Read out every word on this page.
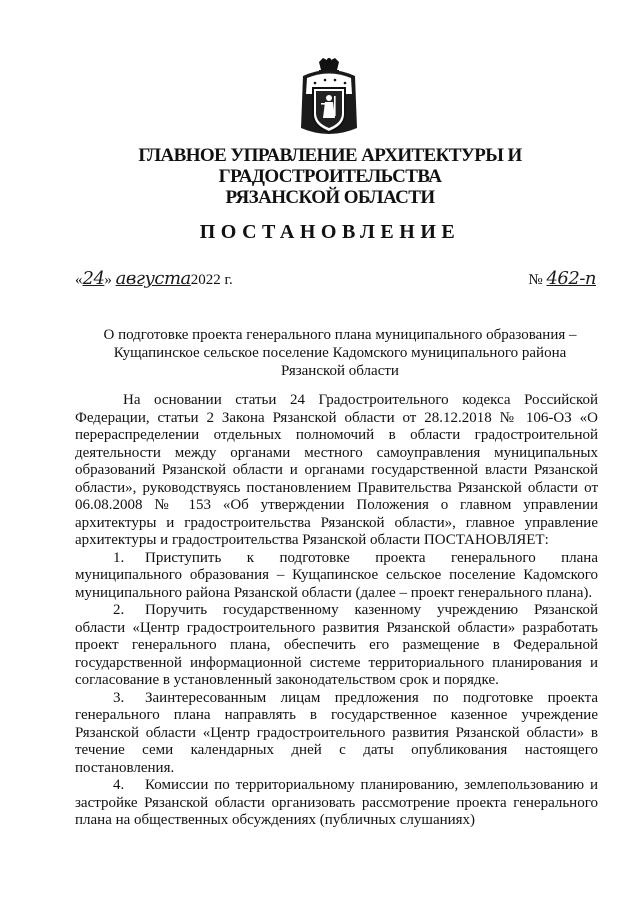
ГЛАВНОЕ УПРАВЛЕНИЕ АРХИТЕКТУРЫ И ГРАДОСТРОИТЕЛЬСТВА
РЯЗАНСКОЙ ОБЛАСТИ
ПОСТАНОВЛЕНИЕ
«24» августа2022 г.	№ 462-п
О подготовке проекта генерального плана муниципального образования –
Кущапинское сельское поселение Кадомского муниципального района
Рязанской области

На основании статьи 24 Градостроительного кодекса Российской Федерации, статьи 2 Закона Рязанской области от 28.12.2018 № 106-ОЗ «О перераспределении отдельных полномочий в области градостроительной деятельности между органами местного самоуправления муниципальных образований Рязанской области и органами государственной власти Рязанской области», руководствуясь постановлением Правительства Рязанской области от 06.08.2008 № 153 «Об утверждении Положения о главном управлении архитектуры и градостроительства Рязанской области», главное управление архитектуры и градостроительства Рязанской области ПОСТАНОВЛЯЕТ:

1. Приступить к подготовке проекта генерального плана муниципального образования – Кущапинское сельское поселение Кадомского муниципального района Рязанской области (далее – проект генерального плана).

2. Поручить государственному казенному учреждению Рязанской области «Центр градостроительного развития Рязанской области» разработать проект генерального плана, обеспечить его размещение в Федеральной государственной информационной системе территориального планирования и согласование в установленный законодательством срок и порядке.

3. Заинтересованным лицам предложения по подготовке проекта генерального плана направлять в государственное казенное учреждение Рязанской области «Центр градостроительного развития Рязанской области» в течение семи календарных дней с даты опубликования настоящего постановления.

4. Комиссии по территориальному планированию, землепользованию и застройке Рязанской области организовать рассмотрение проекта генерального плана на общественных обсуждениях (публичных слушаниях)
